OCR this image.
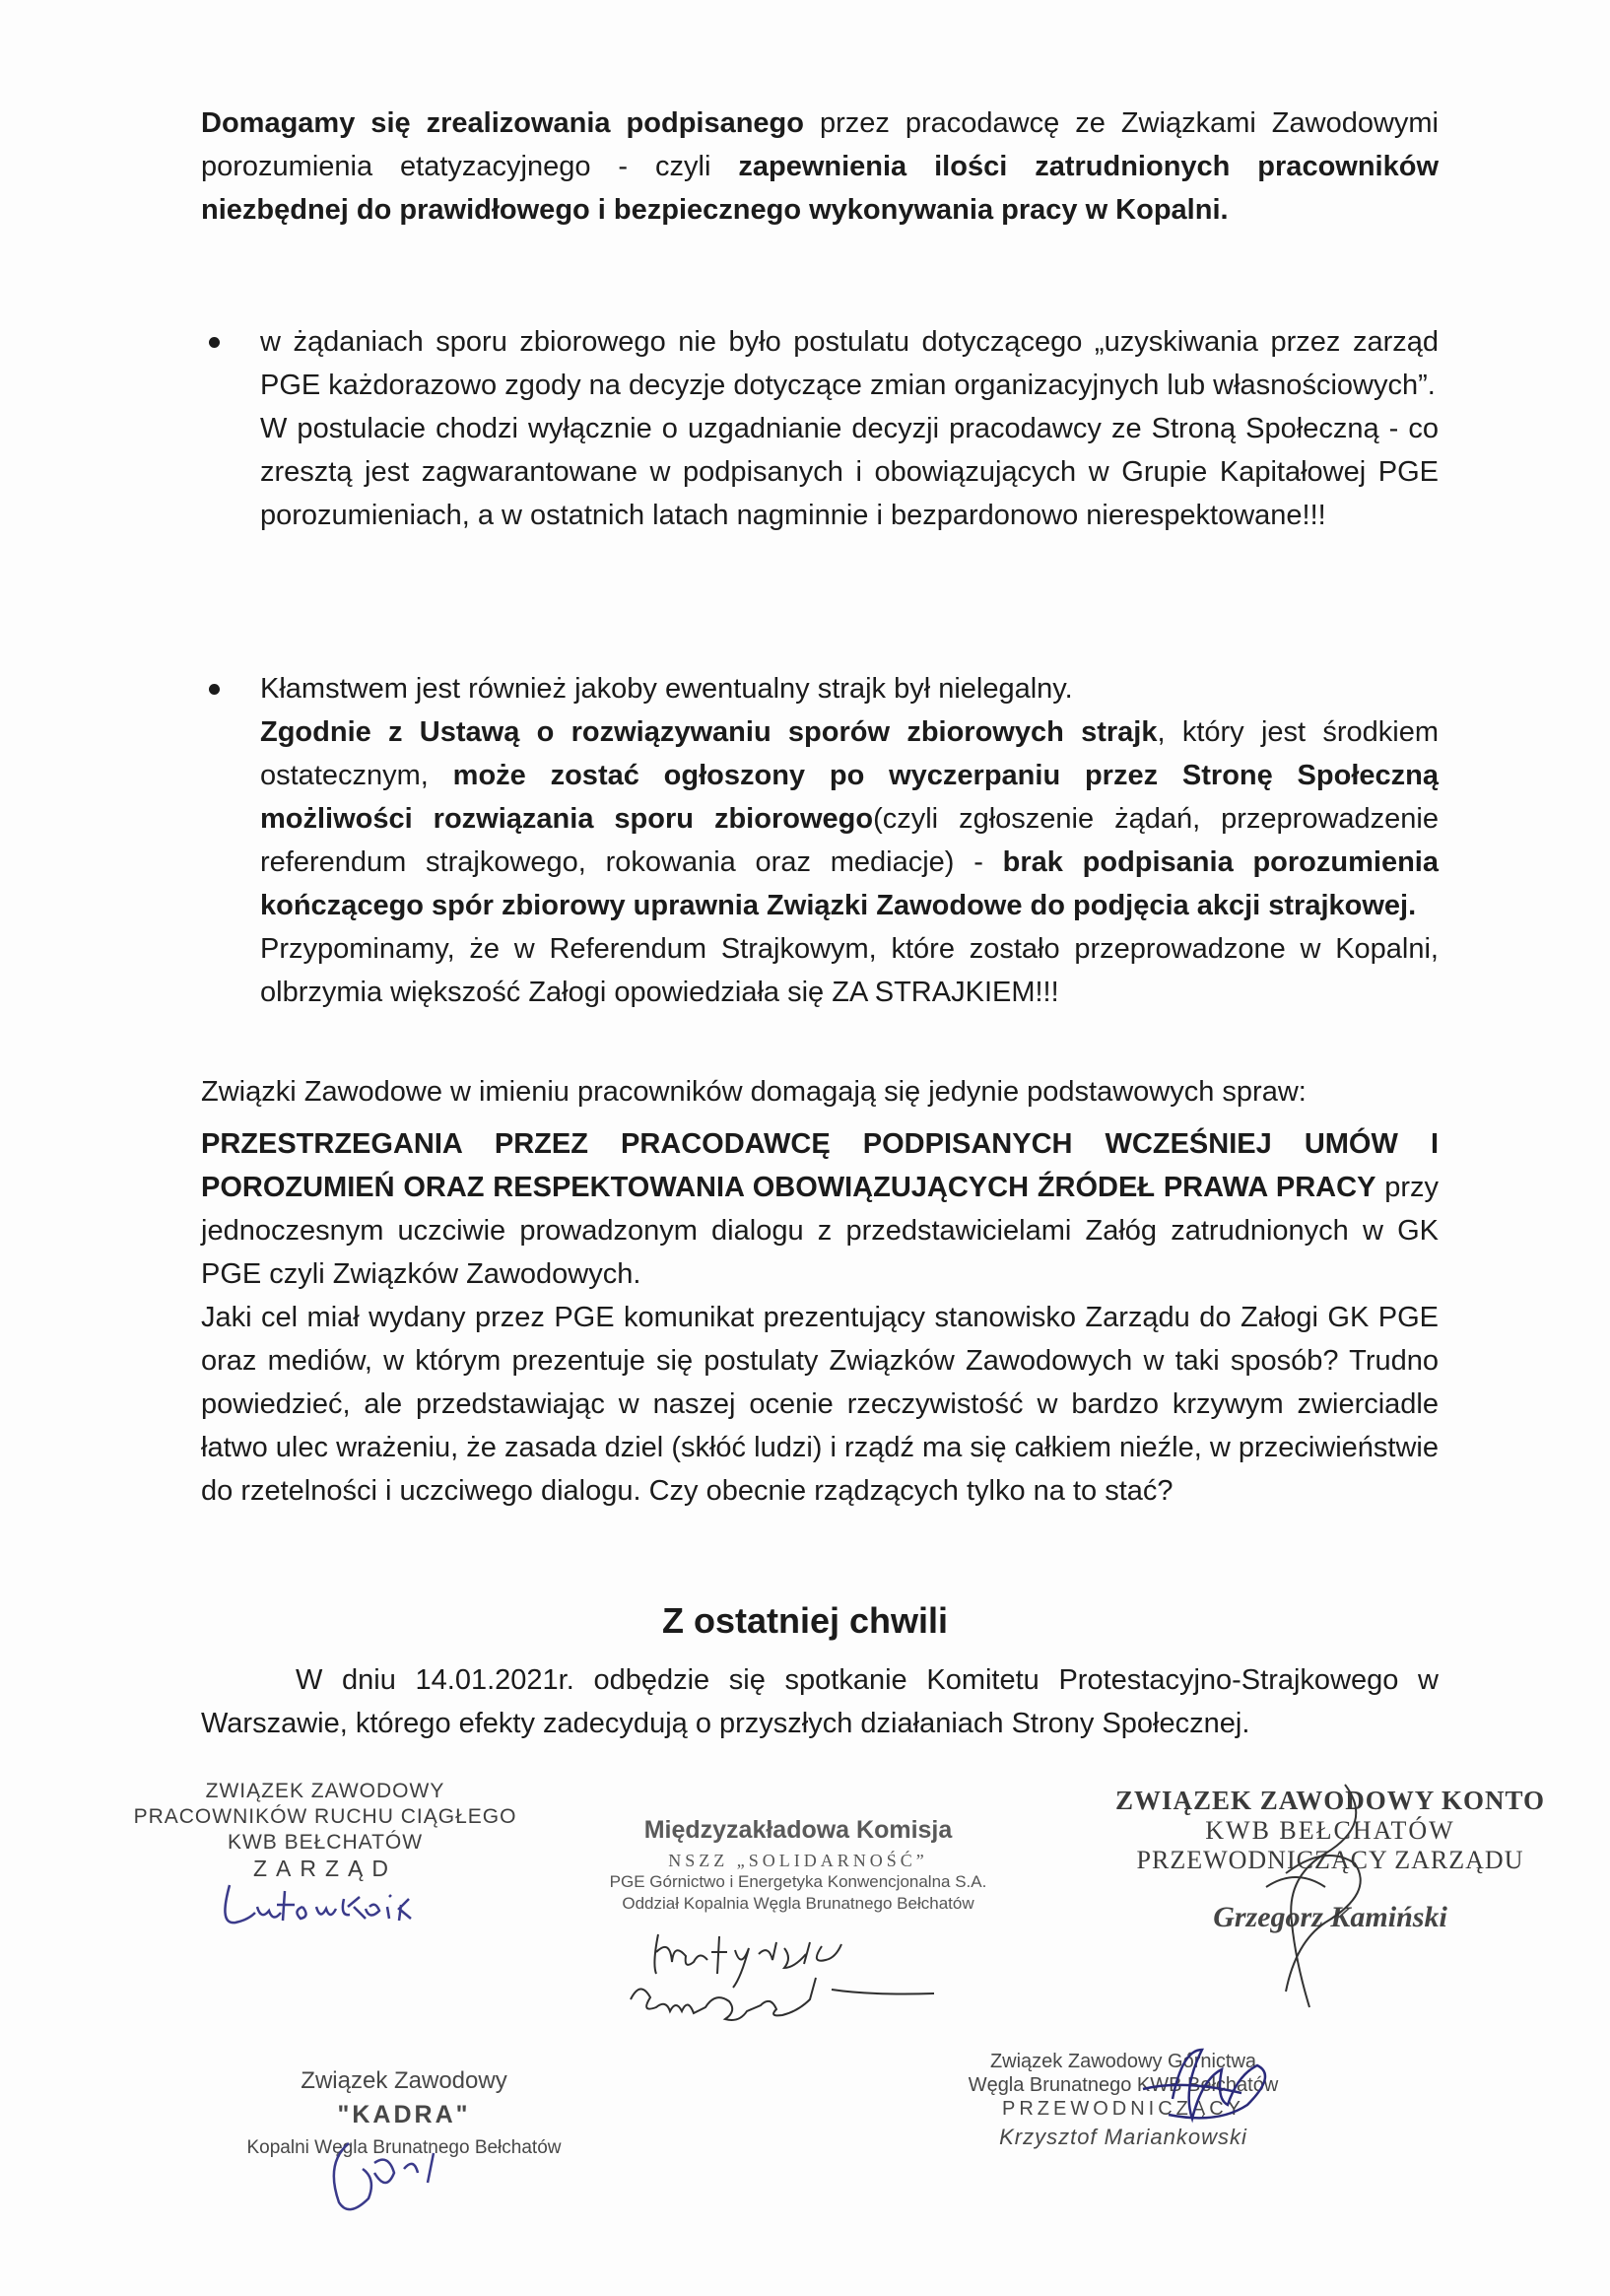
Domagamy się zrealizowania podpisanego przez pracodawcę ze Związkami Zawodowymi porozumienia etatyzacyjnego - czyli zapewnienia ilości zatrudnionych pracowników niezbędnej do prawidłowego i bezpiecznego wykonywania pracy w Kopalni.
w żądaniach sporu zbiorowego nie było postulatu dotyczącego „uzyskiwania przez zarząd PGE każdorazowo zgody na decyzje dotyczące zmian organizacyjnych lub własnościowych”.
W postulacie chodzi wyłącznie o uzgadnianie decyzji pracodawcy ze Stroną Społeczną - co zresztą jest zagwarantowane w podpisanych i obowiązujących w Grupie Kapitałowej PGE porozumieniach, a w ostatnich latach nagminnie i bezpardonowo nierespektowane!!!
Kłamstwem jest również jakoby ewentualny strajk był nielegalny.
Zgodnie z Ustawą o rozwiązywaniu sporów zbiorowych strajk, który jest środkiem ostatecznym, może zostać ogłoszony po wyczerpaniu przez Stronę Społeczną możliwości rozwiązania sporu zbiorowego(czyli zgłoszenie żądań, przeprowadzenie referendum strajkowego, rokowania oraz mediacje) - brak podpisania porozumienia kończącego spór zbiorowy uprawnia Związki Zawodowe do podjęcia akcji strajkowej.
Przypominamy, że w Referendum Strajkowym, które zostało przeprowadzone w Kopalni, olbrzymia większość Załogi opowiedziała się ZA STRAJKIEM!!!
Związki Zawodowe w imieniu pracowników domagają się jedynie podstawowych spraw:
PRZESTRZEGANIA PRZEZ PRACODAWCĘ PODPISANYCH WCZEŚNIEJ UMÓW I POROZUMIEŃ ORAZ RESPEKTOWANIA OBOWIĄZUJĄCYCH ŹRÓDEŁ PRAWA PRACY przy jednoczesnym uczciwie prowadzonym dialogu z przedstawicielami Załóg zatrudnionych w GK PGE czyli Związków Zawodowych.
Jaki cel miał wydany przez PGE komunikat prezentujący stanowisko Zarządu do Załogi GK PGE oraz mediów, w którym prezentuje się postulaty Związków Zawodowych w taki sposób? Trudno powiedzieć, ale przedstawiając w naszej ocenie rzeczywistość w bardzo krzywym zwierciadle łatwo ulec wrażeniu, że zasada dziel (skłóć ludzi) i rządź ma się całkiem nieźle, w przeciwieństwie do rzetelności i uczciwego dialogu. Czy obecnie rządzących tylko na to stać?
Z ostatniej chwili
W dniu 14.01.2021r. odbędzie się spotkanie Komitetu Protestacyjno-Strajkowego w Warszawie, którego efekty zadecydują o przyszłych działaniach Strony Społecznej.
ZWIĄZEK ZAWODOWY
PRACOWNIKÓW RUCHU CIĄGŁEGO
KWB BEŁCHATÓW
ZARZĄD
Międzyzakładowa Komisja
NSZZ „SOLIDARNOŚĆ”
PGE Górnictwo i Energetyka Konwencjonalna S.A.
Oddział Kopalnia Węgla Brunatnego Bełchatów
ZWIĄZEK ZAWODOWY KONTO
KWB BEŁCHATÓW
PRZEWODNICZĄCY ZARZĄDU
Grzegorz Kamiński
Związek Zawodowy
"KADRA"
Kopalni Węgla Brunatnego Bełchatów
Związek Zawodowy Górnictwa
Węgla Brunatnego KWB Bełchatów
PRZEWODNICZĄCY
Krzysztof Mariankowski
